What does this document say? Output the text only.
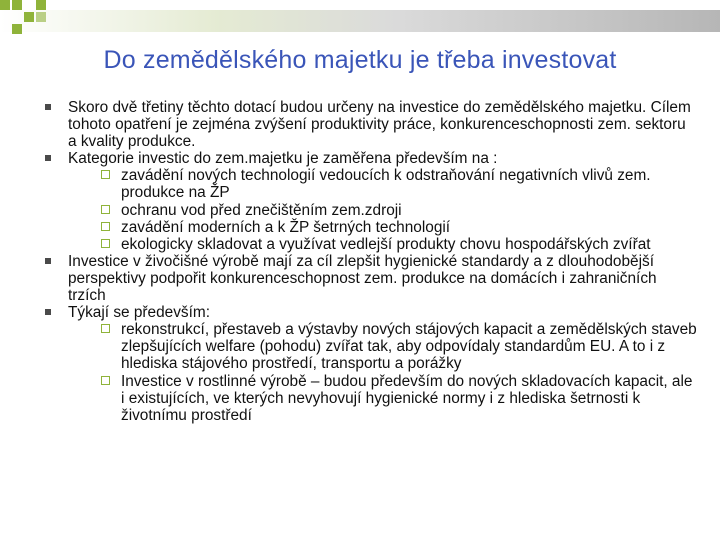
Do zemědělského majetku je třeba investovat
Skoro dvě třetiny těchto dotací budou určeny na investice do zemědělského majetku. Cílem tohoto opatření je zejména zvýšení produktivity práce, konkurenceschopnosti zem. sektoru a kvality produkce.
Kategorie investic do zem.majetku je zaměřena především na :
zavádění nových technologií vedoucích k odstraňování negativních vlivů zem. produkce na ŽP
ochranu vod před znečištěním zem.zdroji
zavádění moderních a k ŽP šetrných technologií
ekologicky skladovat a využívat vedlejší produkty chovu hospodářských zvířat
Investice v živočišné výrobě mají za cíl zlepšit hygienické standardy a z dlouhodobější perspektivy podpořit konkurenceschopnost zem. produkce na domácích i zahraničních trzích
Týkají se především:
rekonstrukcí, přestaveb a výstavby nových stájových kapacit a zemědělských staveb zlepšujících welfare (pohodu) zvířat tak, aby odpovídaly standardům EU. A to i z hlediska stájového prostředí, transportu a porážky
Investice v rostlinné výrobě – budou především do nových skladovacích kapacit, ale i existujících, ve kterých nevyhovují hygienické normy i z hlediska šetrnosti k životnímu prostředí
